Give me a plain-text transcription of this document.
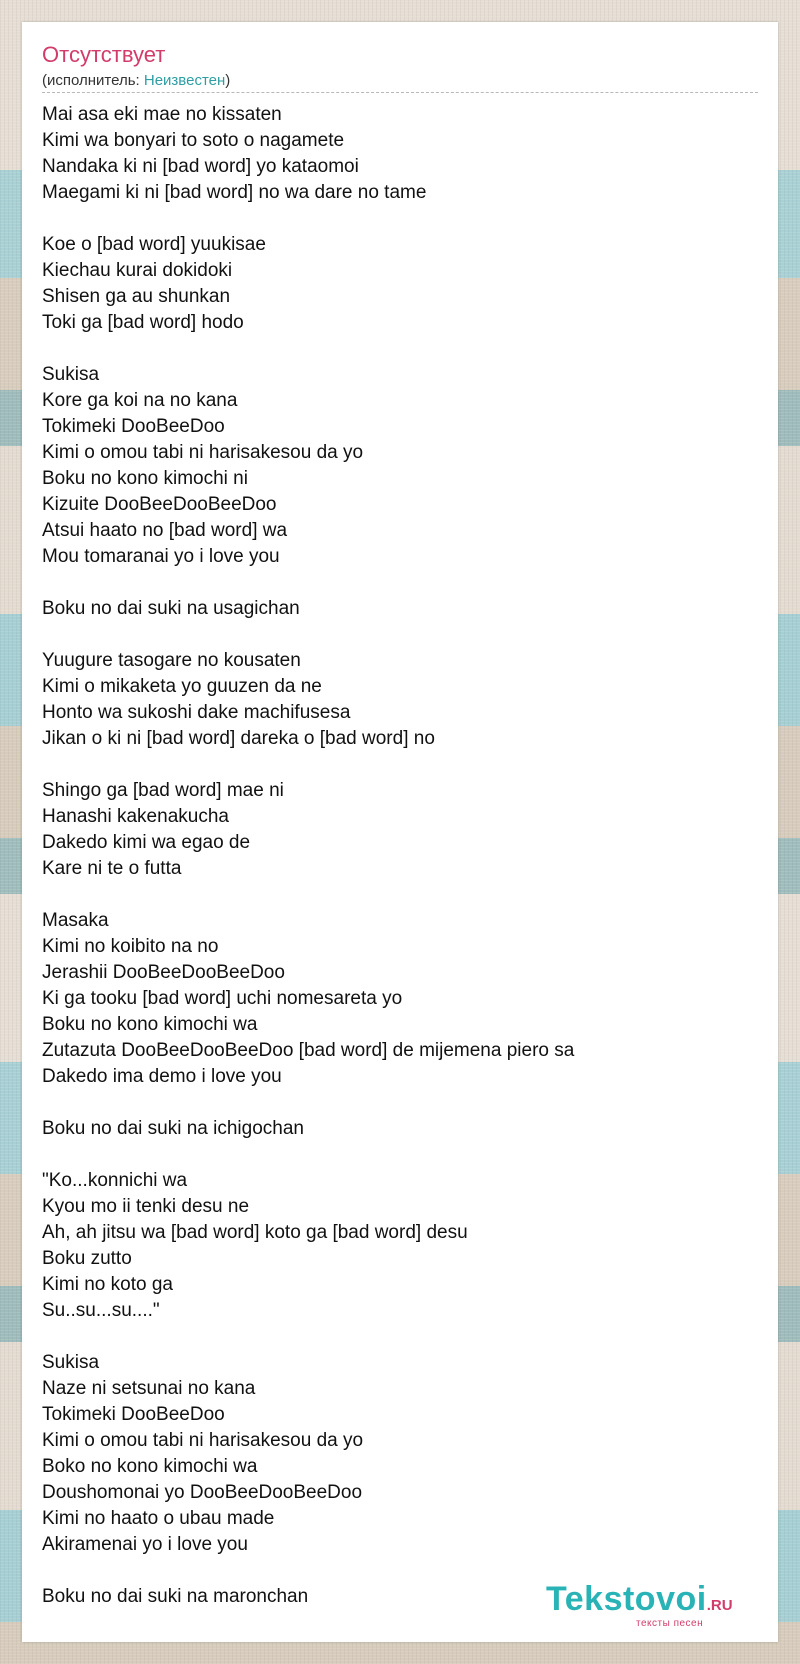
Отсутствует
(исполнитель: Неизвестен)
Mai asa eki mae no kissaten
Kimi wa bonyari to soto o nagamete
Nandaka ki ni [bad word] yo kataomoi
Maegami ki ni [bad word] no wa dare no tame
Koe o [bad word] yuukisae
Kiechau kurai dokidoki
Shisen ga au shunkan
Toki ga [bad word] hodo
Sukisa
Kore ga koi na no kana
Tokimeki DooBeeDoo
Kimi o omou tabi ni harisakesou da yo
Boku no kono kimochi ni
Kizuite DooBeeDooBeeDoo
Atsui haato no [bad word] wa
Mou tomaranai yo i love you
Boku no dai suki na usagichan
Yuugure tasogare no kousaten
Kimi o mikaketa yo guuzen da ne
Honto wa sukoshi dake machifusesa
Jikan o ki ni [bad word] dareka o [bad word] no
Shingo ga [bad word] mae ni
Hanashi kakenakucha
Dakedo kimi wa egao de
Kare ni te o futta
Masaka
Kimi no koibito na no
Jerashii DooBeeDooBeeDoo
Ki ga tooku [bad word] uchi nomesareta yo
Boku no kono kimochi wa
Zutazuta DooBeeDooBeeDoo [bad word] de mijemena piero sa
Dakedo ima demo i love you
Boku no dai suki na ichigochan
"Ko...konnichi wa
Kyou mo ii tenki desu ne
Ah, ah jitsu wa [bad word] koto ga [bad word] desu
Boku zutto
Kimi no koto ga
Su..su...su...."
Sukisa
Naze ni setsunai no kana
Tokimeki DooBeeDoo
Kimi o omou tabi ni harisakesou da yo
Boko no kono kimochi wa
Doushomonai yo DooBeeDooBeeDoo
Kimi no haato o ubau made
Akiramenai yo i love you
Boku no dai suki na maronchan	Tekstovoi.RU
тексты песен
